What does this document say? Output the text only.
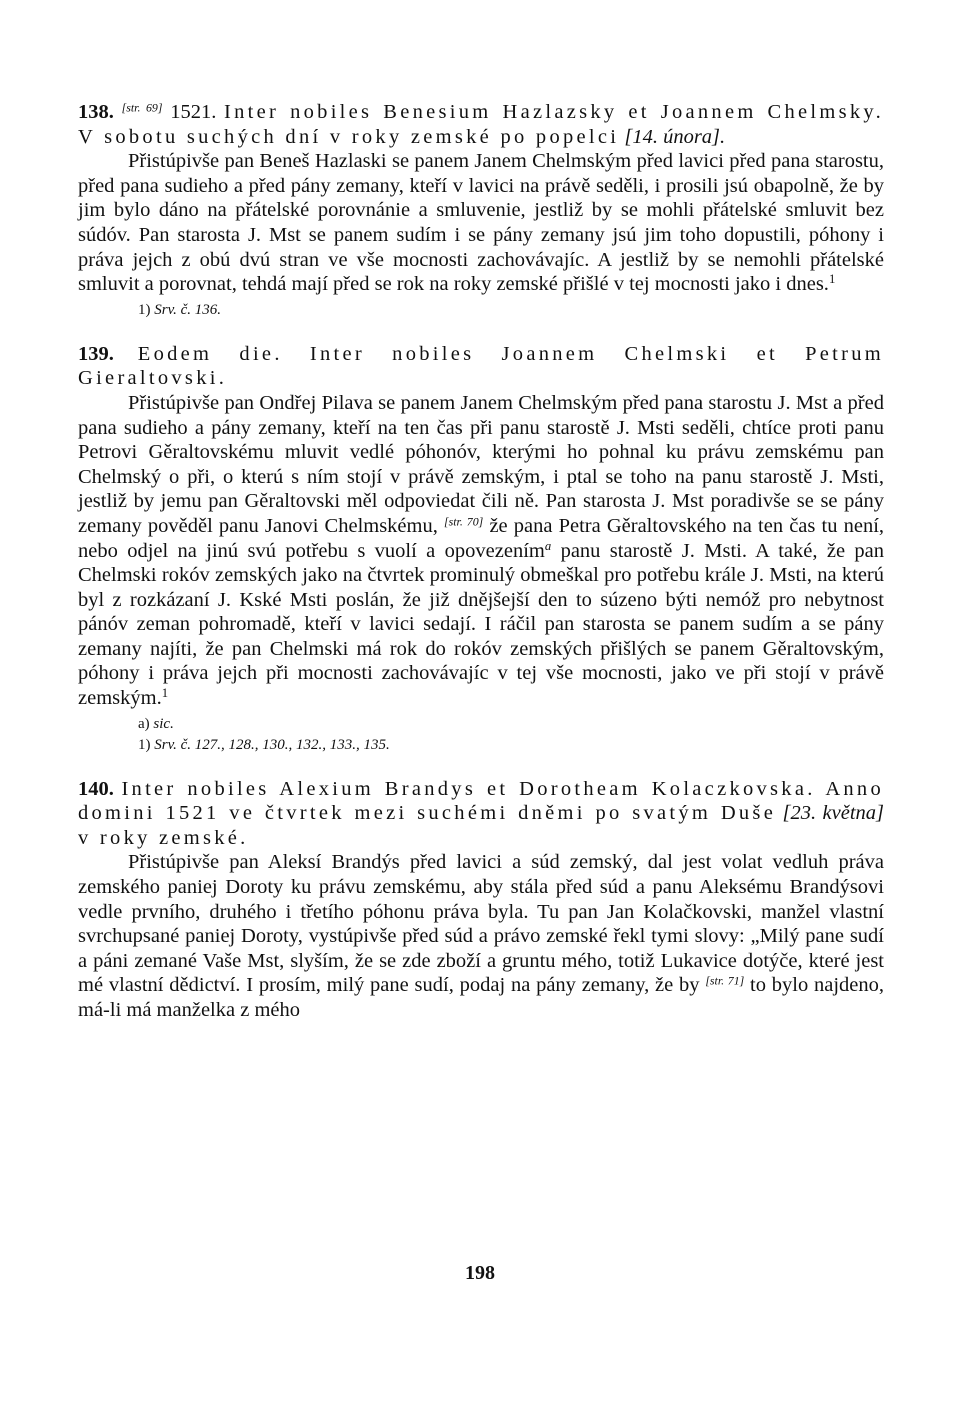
138. [str. 69] 1521. Inter nobiles Benesium Hazlazsky et Joannem Chelmsky. V sobotu suchých dní v roky zemské po popelci [14. února].

Přistúpivše pan Beneš Hazlaski se panem Janem Chelmským před lavici před pana starostu, před pana sudieho a před pány zemany, kteří v lavici na právě seděli, i prosili jsú obapolně, že by jim bylo dáno na přátelské porovnánie a smluvenie, jestliž by se mohli přátelské smluvit bez súdóv. Pan starosta J. Mst se panem sudím i se pány zemany jsú jim toho dopustili, póhony i práva jejch z obú dvú stran ve vše mocnosti zachovávajíc. A jestliž by se nemohli přátelské smluvit a porovnat, tehdá mají před se rok na roky zemské přišlé v tej mocnosti jako i dnes.$^1$

1) Srv. č. 136.

139. Eodem die. Inter nobiles Joannem Chelmski et Petrum Gieraltovski.

Přistúpivše pan Ondřej Pilava se panem Janem Chelmským před pana starostu J. Mst a před pana sudieho a pány zemany, kteří na ten čas při panu starostě J. Msti seděli, chtíce proti panu Petrovi Gěraltovskému mluvit vedlé póhonóv, kterými ho pohnal ku právu zemskému pan Chelmský o při, o kterú s ním stojí v právě zemským, i ptal se toho na panu starostě J. Msti, jestliž by jemu pan Gěraltovski měl odpoviedat čili ně. Pan starosta J. Mst poradivše se se pány zemany pověděl panu Janovi Chelmskému, [str. 70] že pana Petra Gěraltovského na ten čas tu není, nebo odjel na jinú svú potřebu s vuolí a opovezením$^a$ panu starostě J. Msti. A také, že pan Chelmski rokóv zemských jako na čtvrtek prominulý obmeškal pro potřebu krále J. Msti, na kterú byl z rozkázaní J. Kské Msti poslán, že již dnějšejší den to súzeno býti nemóž pro nebytnost pánóv zeman pohromadě, kteří v lavici sedají. I ráčil pan starosta se panem sudím a se pány zemany najíti, že pan Chelmski má rok do rokóv zemských přišlých se panem Gěraltovským, póhony i práva jejch při mocnosti zachovávajíc v tej vše mocnosti, jako ve při stojí v právě zemským.$^1$

a) sic.

1) Srv. č. 127., 128., 130., 132., 133., 135.

140. Inter nobiles Alexium Brandys et Dorotheam Kolaczkovska. Anno domini 1521 ve čtvrtek mezi suchémi dněmi po svatým Duše [23. května] v roky zemské.

Přistúpivše pan Aleksí Brandýs před lavici a súd zemský, dal jest volat vedluh práva zemského paniej Doroty ku právu zemskému, aby stála před súd a panu Aleksému Brandýsovi vedle prvního, druhého i třetího póhonu práva byla. Tu pan Jan Kolačkovski, manžel vlastní svrchupsané paniej Doroty, vystúpivše před súd a právo zemské řekl tymi slovy: „Milý pane sudí a páni zemané Vaše Mst, slyším, že se zde zboží a gruntu mého, totiž Lukavice dotýče, které jest mé vlastní dědictví. I prosím, milý pane sudí, podaj na pány zemany, že by [str. 71] to bylo najdeno, má-li má manželka z mého

198
